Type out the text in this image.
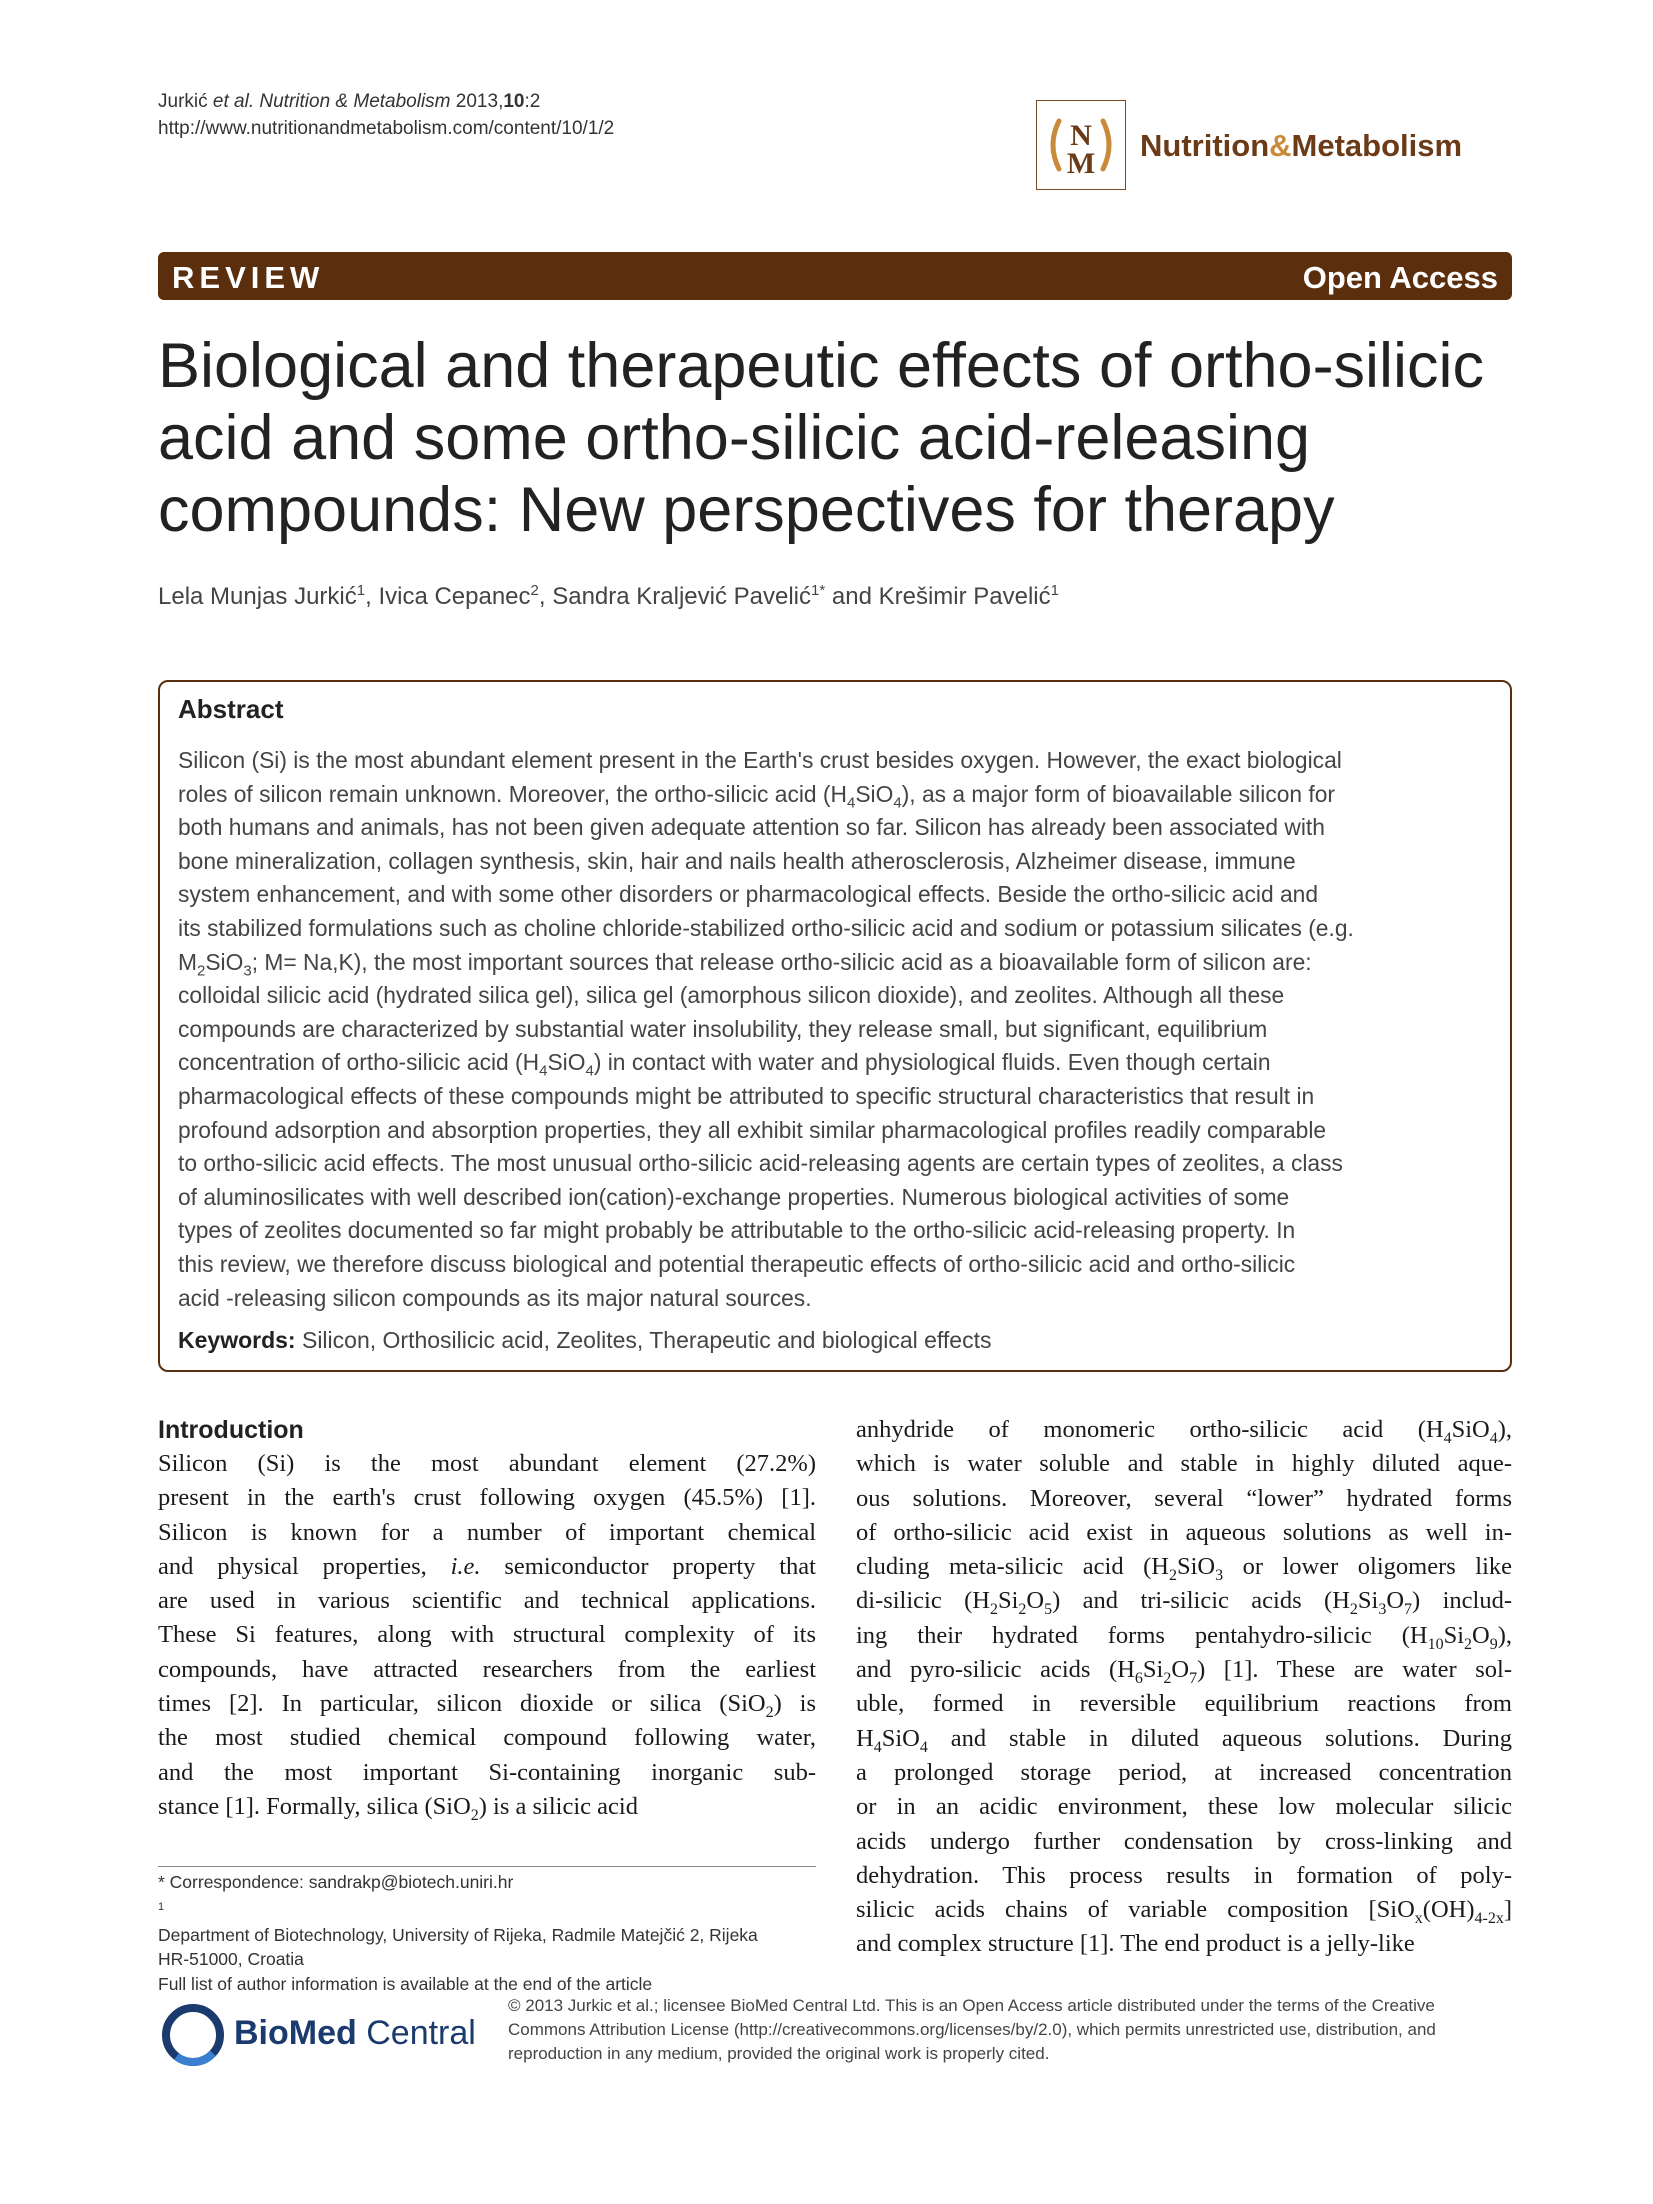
Jurkić et al. Nutrition & Metabolism 2013,10:2
http://www.nutritionandmetabolism.com/content/10/1/2	N
M
Nutrition&Metabolism
REVIEW	Open Access
Biological and therapeutic effects of ortho-silicic
acid and some ortho-silicic acid-releasing
compounds: New perspectives for therapy
Lela Munjas Jurkić$^1$, Ivica Cepanec$^2$, Sandra Kraljević Pavelić$^{1*}$ and Krešimir Pavelić$^1$
Abstract
Silicon (Si) is the most abundant element present in the Earth's crust besides oxygen. However, the exact biological
roles of silicon remain unknown. Moreover, the ortho-silicic acid $(H_4SiO_4)$, as a major form of bioavailable silicon for
both humans and animals, has not been given adequate attention so far. Silicon has already been associated with
bone mineralization, collagen synthesis, skin, hair and nails health atherosclerosis, Alzheimer disease, immune
system enhancement, and with some other disorders or pharmacological effects. Beside the ortho-silicic acid and
its stabilized formulations such as choline chloride-stabilized ortho-silicic acid and sodium or potassium silicates (e.g.
$M_2SiO_3$; M= Na,K), the most important sources that release ortho-silicic acid as a bioavailable form of silicon are:
colloidal silicic acid (hydrated silica gel), silica gel (amorphous silicon dioxide), and zeolites. Although all these
compounds are characterized by substantial water insolubility, they release small, but significant, equilibrium
concentration of ortho-silicic acid $(H_4SiO_4)$ in contact with water and physiological fluids. Even though certain
pharmacological effects of these compounds might be attributed to specific structural characteristics that result in
profound adsorption and absorption properties, they all exhibit similar pharmacological profiles readily comparable
to ortho-silicic acid effects. The most unusual ortho-silicic acid-releasing agents are certain types of zeolites, a class
of aluminosilicates with well described ion(cation)-exchange properties. Numerous biological activities of some
types of zeolites documented so far might probably be attributable to the ortho-silicic acid-releasing property. In
this review, we therefore discuss biological and potential therapeutic effects of ortho-silicic acid and ortho-silicic
acid -releasing silicon compounds as its major natural sources.
Keywords: Silicon, Orthosilicic acid, Zeolites, Therapeutic and biological effects
Introduction
Silicon (Si) is the most abundant element (27.2%)
present in the earth's crust following oxygen (45.5%) [1].
Silicon is known for a number of important chemical
and physical properties, i.e. semiconductor property that
are used in various scientific and technical applications.
These Si features, along with structural complexity of its
compounds, have attracted researchers from the earliest
times [2]. In particular, silicon dioxide or silica (SiO$_2$) is
the most studied chemical compound following water,
and the most important Si-containing inorganic sub-
stance [1]. Formally, silica (SiO$_2$) is a silicic acid
anhydride of monomeric ortho-silicic acid $(H_4SiO_4)$,
which is water soluble and stable in highly diluted aque-
ous solutions. Moreover, several “lower” hydrated forms
of ortho-silicic acid exist in aqueous solutions as well in-
cluding meta-silicic acid ($H_2SiO_3$ or lower oligomers like
di-silicic $(H_2Si_2O_5)$ and tri-silicic acids $(H_2Si_3O_7)$ includ-
ing their hydrated forms pentahydro-silicic $(H_{10}Si_2O_9)$,
and pyro-silicic acids $(H_6Si_2O_7)$ [1]. These are water sol-
uble, formed in reversible equilibrium reactions from
$H_4SiO_4$ and stable in diluted aqueous solutions. During
a prolonged storage period, at increased concentration
or in an acidic environment, these low molecular silicic
acids undergo further condensation by cross-linking and
dehydration. This process results in formation of poly-
silicic acids chains of variable composition $[SiO_x(OH)_{4-2x}]$
and complex structure [1]. The end product is a jelly-like
* Correspondence: sandrakp@biotech.uniri.hr
$^1$
Department of Biotechnology, University of Rijeka, Radmile Matejčić 2, Rijeka
HR-51000, Croatia
Full list of author information is available at the end of the article
BioMed Central
© 2013 Jurkic et al.; licensee BioMed Central Ltd. This is an Open Access article distributed under the terms of the Creative
Commons Attribution License (http://creativecommons.org/licenses/by/2.0), which permits unrestricted use, distribution, and
reproduction in any medium, provided the original work is properly cited.
